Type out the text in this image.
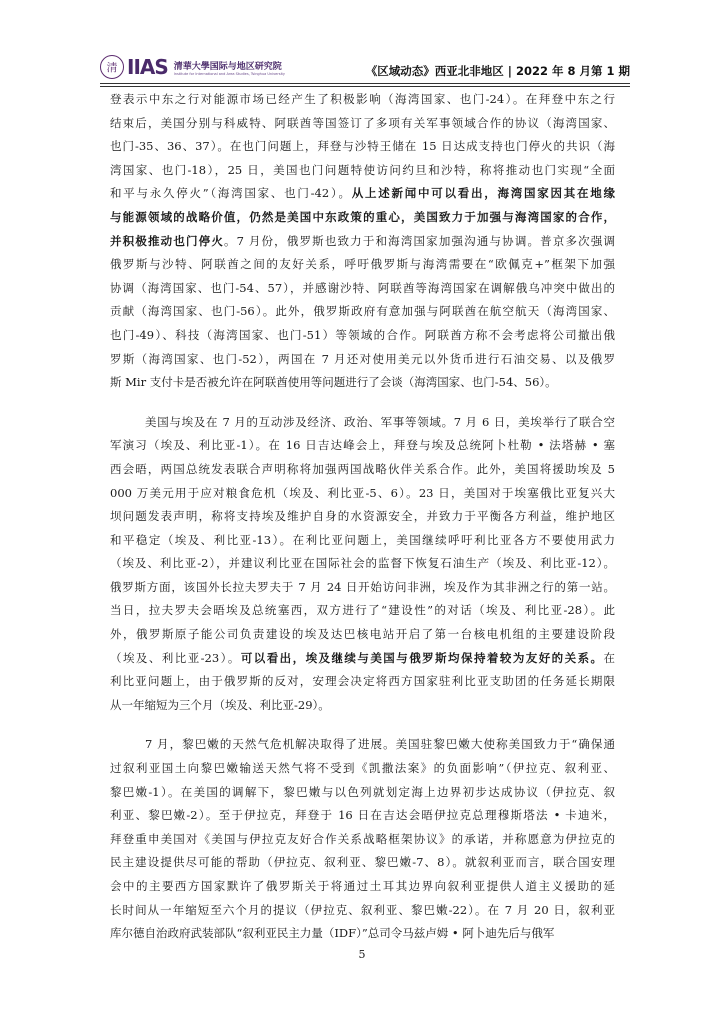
清 IIAS 清華大學国际与地区研究院
Institute for International and Area Studies, Tsinghua University	《区域动态》西亚北非地区 | 2022 年 8 月第 1 期
登表示中东之行对能源市场已经产生了积极影响（海湾国家、也门-24）。在拜登中东之行
结束后，美国分别与科威特、阿联酋等国签订了多项有关军事领域合作的协议（海湾国家、
也门-35、36、37）。在也门问题上，拜登与沙特王储在 15 日达成支持也门停火的共识（海
湾国家、也门-18），25 日，美国也门问题特使访问约旦和沙特，称将推动也门实现“全面
和平与永久停火”（海湾国家、也门-42）。从上述新闻中可以看出，海湾国家因其在地缘
与能源领域的战略价值，仍然是美国中东政策的重心，美国致力于加强与海湾国家的合作，
并积极推动也门停火。7 月份，俄罗斯也致力于和海湾国家加强沟通与协调。普京多次强调
俄罗斯与沙特、阿联酋之间的友好关系，呼吁俄罗斯与海湾需要在“欧佩克+”框架下加强
协调（海湾国家、也门-54、57），并感谢沙特、阿联酋等海湾国家在调解俄乌冲突中做出的
贡献（海湾国家、也门-56）。此外，俄罗斯政府有意加强与阿联酋在航空航天（海湾国家、
也门-49）、科技（海湾国家、也门-51）等领域的合作。阿联酋方称不会考虑将公司撤出俄
罗斯（海湾国家、也门-52），两国在 7 月还对使用美元以外货币进行石油交易、以及俄罗
斯 Mir 支付卡是否被允许在阿联酋使用等问题进行了会谈（海湾国家、也门-54、56）。
美国与埃及在 7 月的互动涉及经济、政治、军事等领域。7 月 6 日，美埃举行了联合空
军演习（埃及、利比亚-1）。在 16 日吉达峰会上，拜登与埃及总统阿卜杜勒 • 法塔赫 • 塞
西会晤，两国总统发表联合声明称将加强两国战略伙伴关系合作。此外，美国将援助埃及 5
000 万美元用于应对粮食危机（埃及、利比亚-5、6）。23 日，美国对于埃塞俄比亚复兴大
坝问题发表声明，称将支持埃及维护自身的水资源安全，并致力于平衡各方利益，维护地区
和平稳定（埃及、利比亚-13）。在利比亚问题上，美国继续呼吁利比亚各方不要使用武力
（埃及、利比亚-2），并建议利比亚在国际社会的监督下恢复石油生产（埃及、利比亚-12）。
俄罗斯方面，该国外长拉夫罗夫于 7 月 24 日开始访问非洲，埃及作为其非洲之行的第一站。
当日，拉夫罗夫会晤埃及总统塞西，双方进行了“建设性”的对话（埃及、利比亚-28）。此
外，俄罗斯原子能公司负责建设的埃及达巴核电站开启了第一台核电机组的主要建设阶段
（埃及、利比亚-23）。可以看出，埃及继续与美国与俄罗斯均保持着较为友好的关系。在
利比亚问题上，由于俄罗斯的反对，安理会决定将西方国家驻利比亚支助团的任务延长期限
从一年缩短为三个月（埃及、利比亚-29）。
7 月，黎巴嫩的天然气危机解决取得了进展。美国驻黎巴嫩大使称美国致力于“确保通
过叙利亚国土向黎巴嫩输送天然气将不受到《凯撒法案》的负面影响”（伊拉克、叙利亚、
黎巴嫩-1）。在美国的调解下，黎巴嫩与以色列就划定海上边界初步达成协议（伊拉克、叙
利亚、黎巴嫩-2）。至于伊拉克，拜登于 16 日在吉达会晤伊拉克总理穆斯塔法 • 卡迪米，
拜登重申美国对《美国与伊拉克友好合作关系战略框架协议》的承诺，并称愿意为伊拉克的
民主建设提供尽可能的帮助（伊拉克、叙利亚、黎巴嫩-7、8）。就叙利亚而言，联合国安理
会中的主要西方国家默许了俄罗斯关于将通过土耳其边界向叙利亚提供人道主义援助的延
长时间从一年缩短至六个月的提议（伊拉克、叙利亚、黎巴嫩-22）。在 7 月 20 日，叙利亚
库尔德自治政府武装部队“叙利亚民主力量（IDF）”总司令马兹卢姆 • 阿卜迪先后与俄军
5
